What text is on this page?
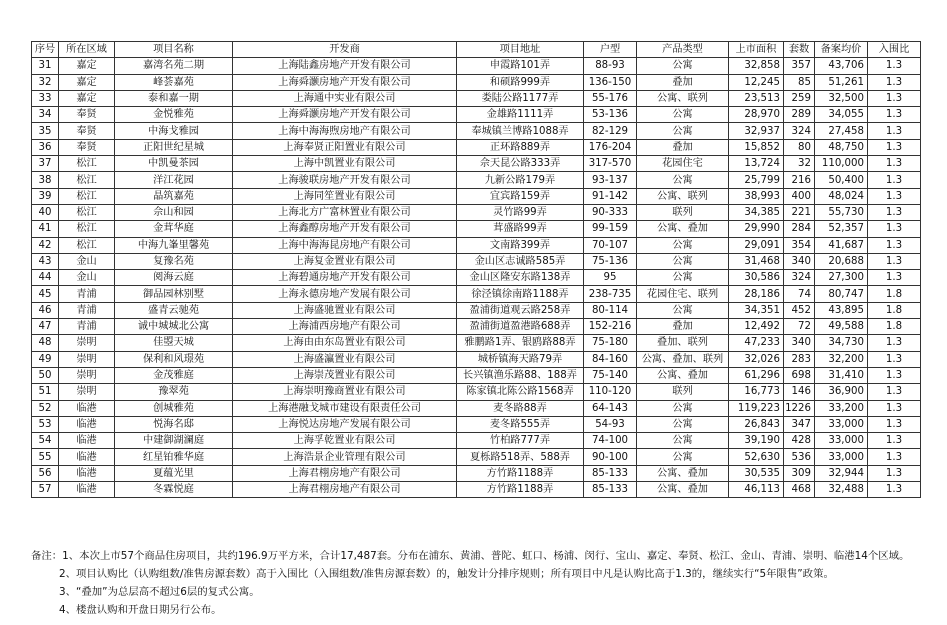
序号	所在区域	项目名称	开发商	项目地址	户型	产品类型	上市面积	套数	备案均价	入围比
31	嘉定	嘉湾名苑二期	上海陆鑫房地产开发有限公司	申霞路101弄	88-93	公寓	32,858	357	43,706	1.3
32	嘉定	峰荟嘉苑	上海舜灏房地产开发有限公司	和硕路999弄	136-150	叠加	12,245	85	51,261	1.3
33	嘉定	泰和嘉一期	上海通中实业有限公司	娄陆公路1177弄	55-176	公寓、联列	23,513	259	32,500	1.3
34	奉贤	金悦雅苑	上海舜灏房地产开发有限公司	金雄路1111弄	53-136	公寓	28,970	289	34,055	1.3
35	奉贤	中海戈雅园	上海中海海煦房地产有限公司	奉城镇兰博路1088弄	82-129	公寓	32,937	324	27,458	1.3
36	奉贤	正阳世纪星城	上海奉贤正阳置业有限公司	正环路889弄	176-204	叠加	15,852	80	48,750	1.3
37	松江	中凯曼茶园	上海中凯置业有限公司	佘天昆公路333弄	317-570	花园住宅	13,724	32	110,000	1.3
38	松江	洋江花园	上海骏联房地产开发有限公司	九新公路179弄	93-137	公寓	25,799	216	50,400	1.3
39	松江	晶筑嘉苑	上海同笙置业有限公司	宜宾路159弄	91-142	公寓、联列	38,993	400	48,024	1.3
40	松江	佘山和园	上海北方广富林置业有限公司	灵竹路99弄	90-333	联列	34,385	221	55,730	1.3
41	松江	金茸华庭	上海鑫醇房地产开发有限公司	茸盛路99弄	99-159	公寓、叠加	29,990	284	52,357	1.3
42	松江	中海九峯里馨苑	上海中海海昆房地产有限公司	文南路399弄	70-107	公寓	29,091	354	41,687	1.3
43	金山	复豫名苑	上海复金置业有限公司	金山区志诚路585弄	75-136	公寓	31,468	340	20,688	1.3
44	金山	阅海云庭	上海碧通房地产开发有限公司	金山区隆安东路138弄	95	公寓	30,586	324	27,300	1.3
45	青浦	御品园林别墅	上海永德房地产发展有限公司	徐泾镇徐南路1188弄	238-735	花园住宅、联列	28,186	74	80,747	1.8
46	青浦	盛青云驰苑	上海盛驰置业有限公司	盈浦街道观云路258弄	80-114	公寓	34,351	452	43,895	1.8
47	青浦	诚中城城北公寓	上海浦西房地产有限公司	盈浦街道盈港路688弄	152-216	叠加	12,492	72	49,588	1.8
48	崇明	佳曌天城	上海由由东岛置业有限公司	雅鹏路1弄、银鸥路88弄	75-180	叠加、联列	47,233	340	34,730	1.3
49	崇明	保利和风璟苑	上海盛瀛置业有限公司	城桥镇海天路79弄	84-160	公寓、叠加、联列	32,026	283	32,200	1.3
50	崇明	金茂雅庭	上海崇茂置业有限公司	长兴镇渔乐路88、188弄	75-140	公寓、叠加	61,296	698	31,410	1.3
51	崇明	豫翠苑	上海崇明豫商置业有限公司	陈家镇北陈公路1568弄	110-120	联列	16,773	146	36,900	1.3
52	临港	创城雅苑	上海港融戈城市建设有限责任公司	麦冬路88弄	64-143	公寓	119,223	1226	33,200	1.3
53	临港	悦海名邸	上海悦达房地产发展有限公司	麦冬路555弄	54-93	公寓	26,843	347	33,000	1.3
54	临港	中建御湖澜庭	上海孚乾置业有限公司	竹柏路777弄	74-100	公寓	39,190	428	33,000	1.3
55	临港	红星铂雅华庭	上海浩景企业管理有限公司	夏栎路518弄、588弄	90-100	公寓	52,630	536	33,000	1.3
56	临港	夏蕴光里	上海君栩房地产有限公司	方竹路1188弄	85-133	公寓、叠加	30,535	309	32,944	1.3
57	临港	冬霖悦庭	上海君栩房地产有限公司	方竹路1188弄	85-133	公寓、叠加	46,113	468	32,488	1.3
备注：1、本次上市57个商品住房项目，共约196.9万平方米，合计17,487套。分布在浦东、黄浦、普陀、虹口、杨浦、闵行、宝山、嘉定、奉贤、松江、金山、青浦、崇明、临港14个区域。
2、项目认购比（认购组数/准售房源套数）高于入围比（入围组数/准售房源套数）的，触发计分排序规则；所有项目中凡是认购比高于1.3的，继续实行“5年限售”政策。
3、“叠加”为总层高不超过6层的复式公寓。
4、楼盘认购和开盘日期另行公布。
